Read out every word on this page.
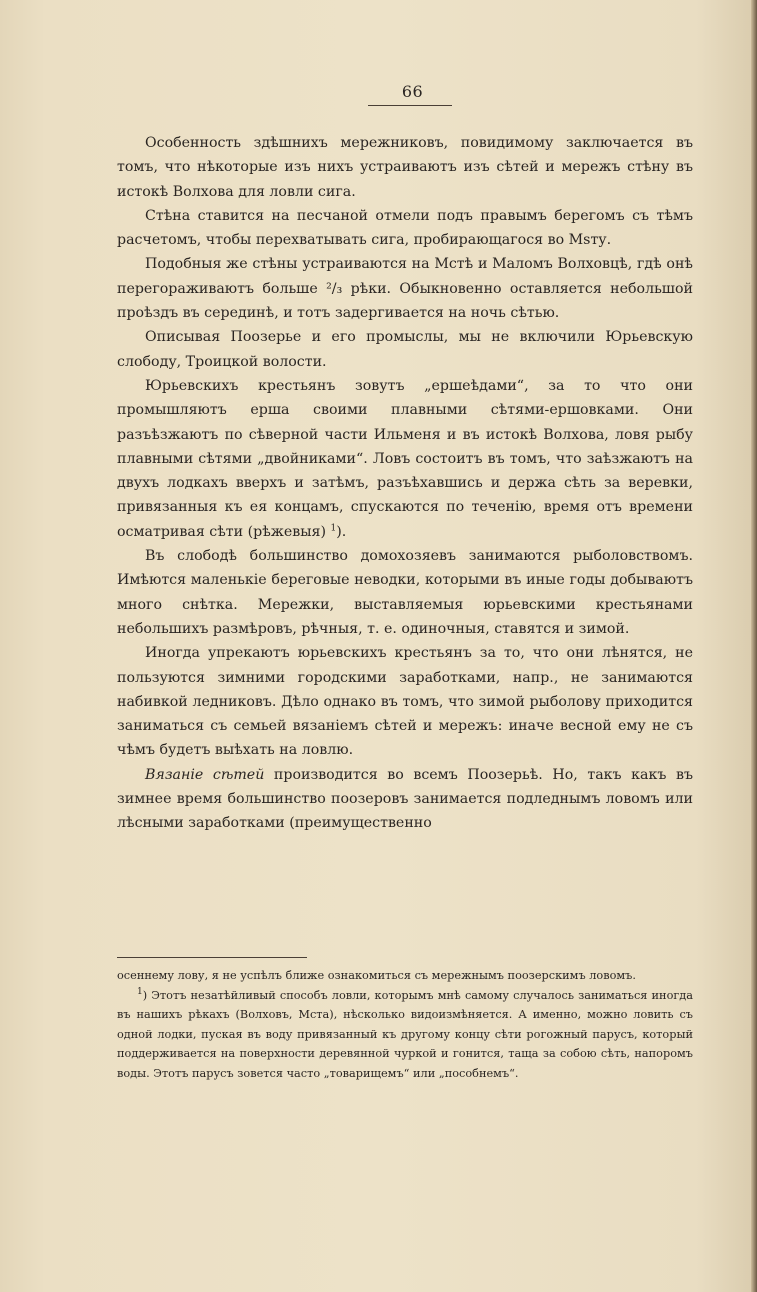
66

Особенность здѣшнихъ мережниковъ, повидимому заключается въ томъ, что нѣкоторые изъ нихъ устраиваютъ изъ сѣтей и мережъ стѣну въ истокѣ Волхова для ловли сига.

Стѣна ставится на песчаной отмели подъ правымъ берегомъ съ тѣмъ расчетомъ, чтобы перехватывать сига, пробирающагося во Msту.

Подобныя же стѣны устраиваются на Mстѣ и Маломъ Волховцѣ, гдѣ онѣ перегораживаютъ больше ²/₃ рѣки. Обыкновенно оставляется небольшой проѣздъ въ серединѣ, и тотъ задергивается на ночь сѣтью.

Описывая Поозерье и его промыслы, мы не включили Юрьевскую слободу, Троицкой волости.

Юрьевскихъ крестьянъ зовутъ „ершеѣдами“, за то что они промышляютъ ерша своими плавными сѣтями-ершовками. Они разъѣзжаютъ по сѣверной части Ильменя и въ истокѣ Волхова, ловя рыбу плавными сѣтями „двойниками“. Ловъ состоитъ въ томъ, что заѣзжаютъ на двухъ лодкахъ вверхъ и затѣмъ, разъѣхавшись и держа сѣть за веревки, привязанныя къ ея концамъ, спускаются по теченію, время отъ времени осматривая сѣти (рѣжевыя) $^1$).

Въ слободѣ большинство домохозяевъ занимаются рыболовствомъ. Имѣются маленькіе береговые неводки, которыми въ иные годы добываютъ много снѣтка. Мережки, выставляемыя юрьевскими крестьянами небольшихъ размѣровъ, рѣчныя, т. е. одиночныя, ставятся и зимой.

Иногда упрекаютъ юрьевскихъ крестьянъ за то, что они лѣнятся, не пользуются зимними городскими заработками, напр., не занимаются набивкой ледниковъ. Дѣло однако въ томъ, что зимой рыболову приходится заниматься съ семьей вязаніемъ сѣтей и мережъ: иначе весной ему не съ чѣмъ будетъ выѣхать на ловлю.

Вязаніе сѣтей производится во всемъ Поозерьѣ. Но, такъ какъ въ зимнее время большинство поозеровъ занимается подледнымъ ловомъ или лѣсными заработками (преимущественно

осеннему лову, я не успѣлъ ближе ознакомиться съ мережнымъ поозерскимъ ловомъ.

$^1$) Этотъ незатѣйливый способъ ловли, которымъ мнѣ самому случалось заниматься иногда въ нашихъ рѣкахъ (Волховъ, Мста), нѣсколько видоизмѣняется. А именно, можно ловить съ одной лодки, пуская въ воду привязанный къ другому концу сѣти рогожный парусъ, который поддерживается на поверхности деревянной чуркой и гонится, таща за собою сѣть, напоромъ воды. Этотъ парусъ зовется часто „товарищемъ“ или „пособнемъ“.
